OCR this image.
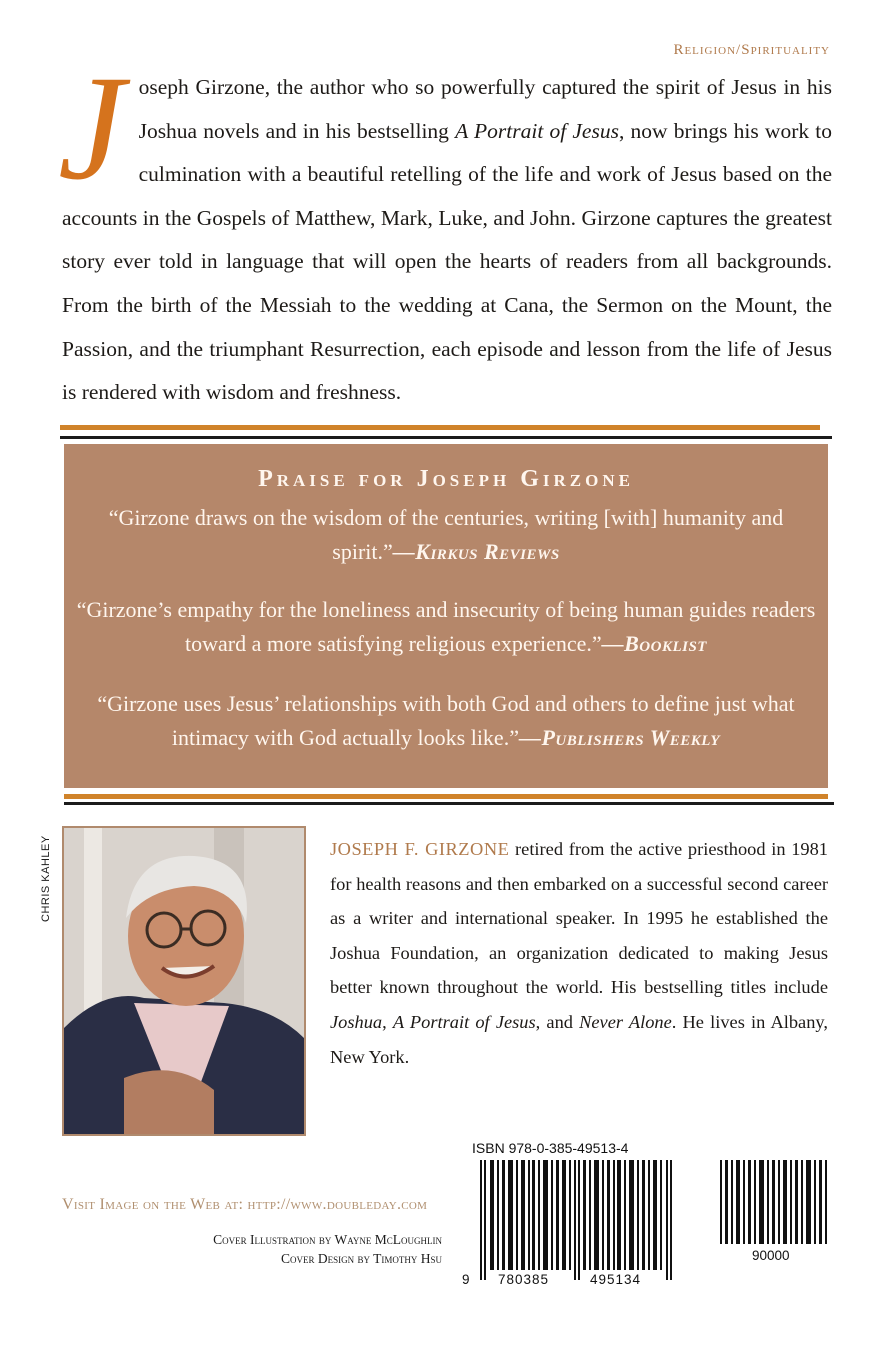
Religion/Spirituality

Joseph Girzone, the author who so powerfully captured the spirit of Jesus in his Joshua novels and in his bestselling A Portrait of Jesus, now brings his work to culmination with a beautiful retelling of the life and work of Jesus based on the accounts in the Gospels of Matthew, Mark, Luke, and John. Girzone captures the greatest story ever told in language that will open the hearts of readers from all backgrounds. From the birth of the Messiah to the wedding at Cana, the Sermon on the Mount, the Passion, and the triumphant Resurrection, each episode and lesson from the life of Jesus is rendered with wisdom and freshness.

Praise for Joseph Girzone

“Girzone draws on the wisdom of the centuries, writing [with] humanity and spirit.”—Kirkus Reviews

“Girzone’s empathy for the loneliness and insecurity of being human guides readers toward a more satisfying religious experience.”—Booklist

“Girzone uses Jesus’ relationships with both God and others to define just what intimacy with God actually looks like.”—Publishers Weekly

CHRIS KAHLEY	JOSEPH F. GIRZONE retired from the active priesthood in 1981 for health reasons and then embarked on a successful second career as a writer and international speaker. In 1995 he established the Joshua Foundation, an organization dedicated to making Jesus better known throughout the world. His bestselling titles include Joshua, A Portrait of Jesus, and Never Alone. He lives in Albany, New York.

ISBN 978-0-385-49513-4
9 780385	495134
90000
Visit Image on the Web at: http://www.doubleday.com
Cover Illustration by Wayne McLoughlin
Cover Design by Timothy Hsu
